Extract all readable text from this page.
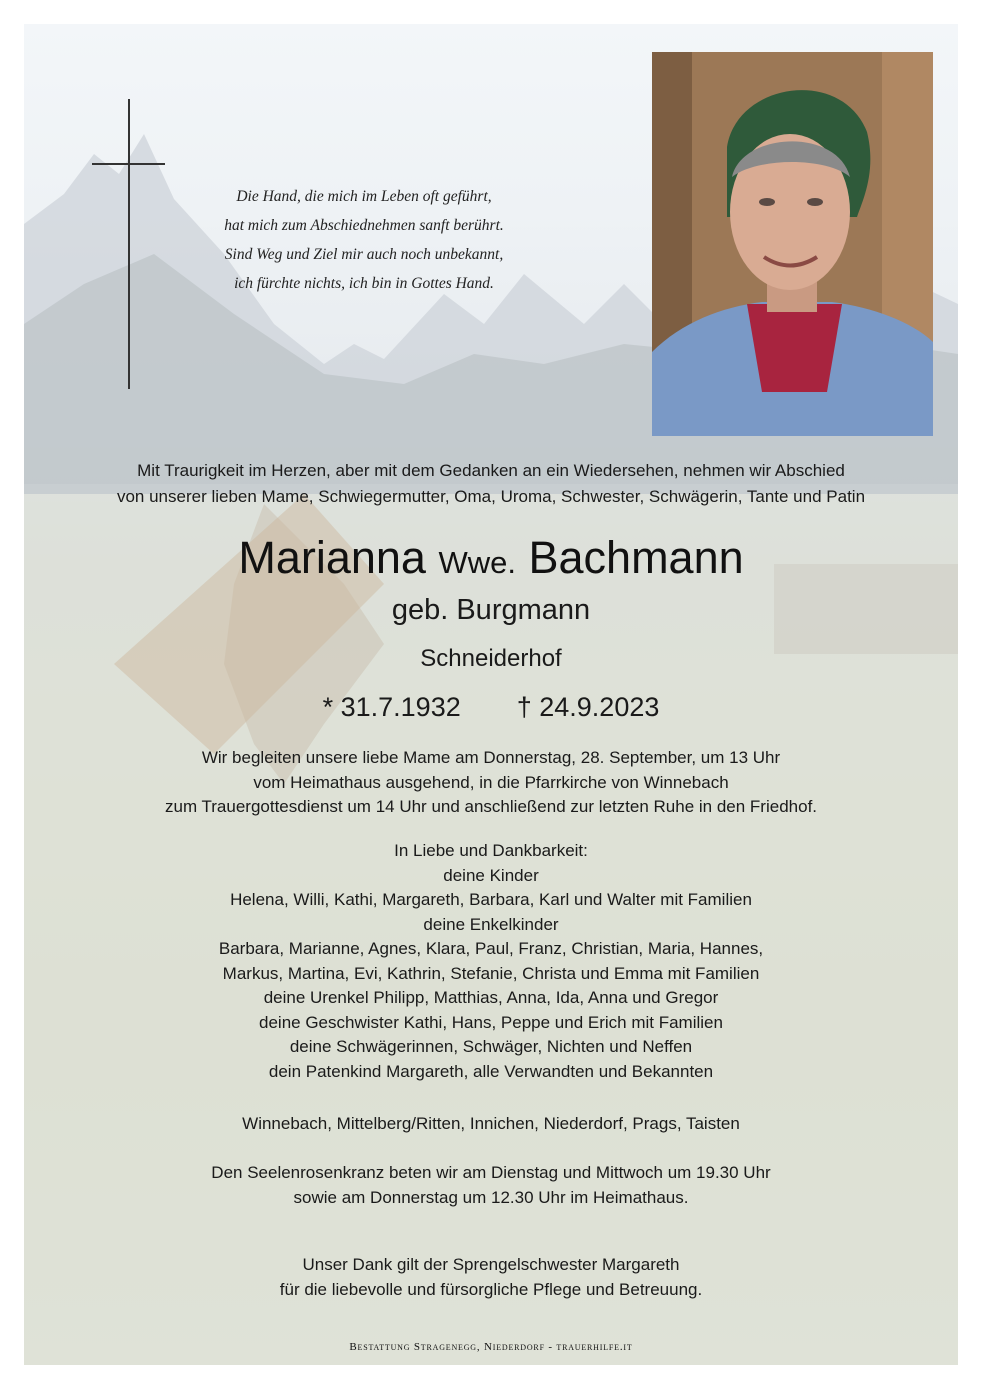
Die Hand, die mich im Leben oft geführt,
hat mich zum Abschiednehmen sanft berührt.
Sind Weg und Ziel mir auch noch unbekannt,
ich fürchte nichts, ich bin in Gottes Hand.
Mit Traurigkeit im Herzen, aber mit dem Gedanken an ein Wiedersehen, nehmen wir Abschied
von unserer lieben Mame, Schwiegermutter, Oma, Uroma, Schwester, Schwägerin, Tante und Patin
Marianna Wwe. Bachmann
geb. Burgmann
Schneiderhof
* 31.7.1932 † 24.9.2023
Wir begleiten unsere liebe Mame am Donnerstag, 28. September, um 13 Uhr
vom Heimathaus ausgehend, in die Pfarrkirche von Winnebach
zum Trauergottesdienst um 14 Uhr und anschließend zur letzten Ruhe in den Friedhof.
In Liebe und Dankbarkeit:
deine Kinder
Helena, Willi, Kathi, Margareth, Barbara, Karl und Walter mit Familien
deine Enkelkinder
Barbara, Marianne, Agnes, Klara, Paul, Franz, Christian, Maria, Hannes,
Markus, Martina, Evi, Kathrin, Stefanie, Christa und Emma mit Familien
deine Urenkel Philipp, Matthias, Anna, Ida, Anna und Gregor
deine Geschwister Kathi, Hans, Peppe und Erich mit Familien
deine Schwägerinnen, Schwäger, Nichten und Neffen
dein Patenkind Margareth, alle Verwandten und Bekannten
Winnebach, Mittelberg/Ritten, Innichen, Niederdorf, Prags, Taisten
Den Seelenrosenkranz beten wir am Dienstag und Mittwoch um 19.30 Uhr
sowie am Donnerstag um 12.30 Uhr im Heimathaus.
Unser Dank gilt der Sprengelschwester Margareth
für die liebevolle und fürsorgliche Pflege und Betreuung.
Bestattung Stragenegg, Niederdorf - trauerhilfe.it
